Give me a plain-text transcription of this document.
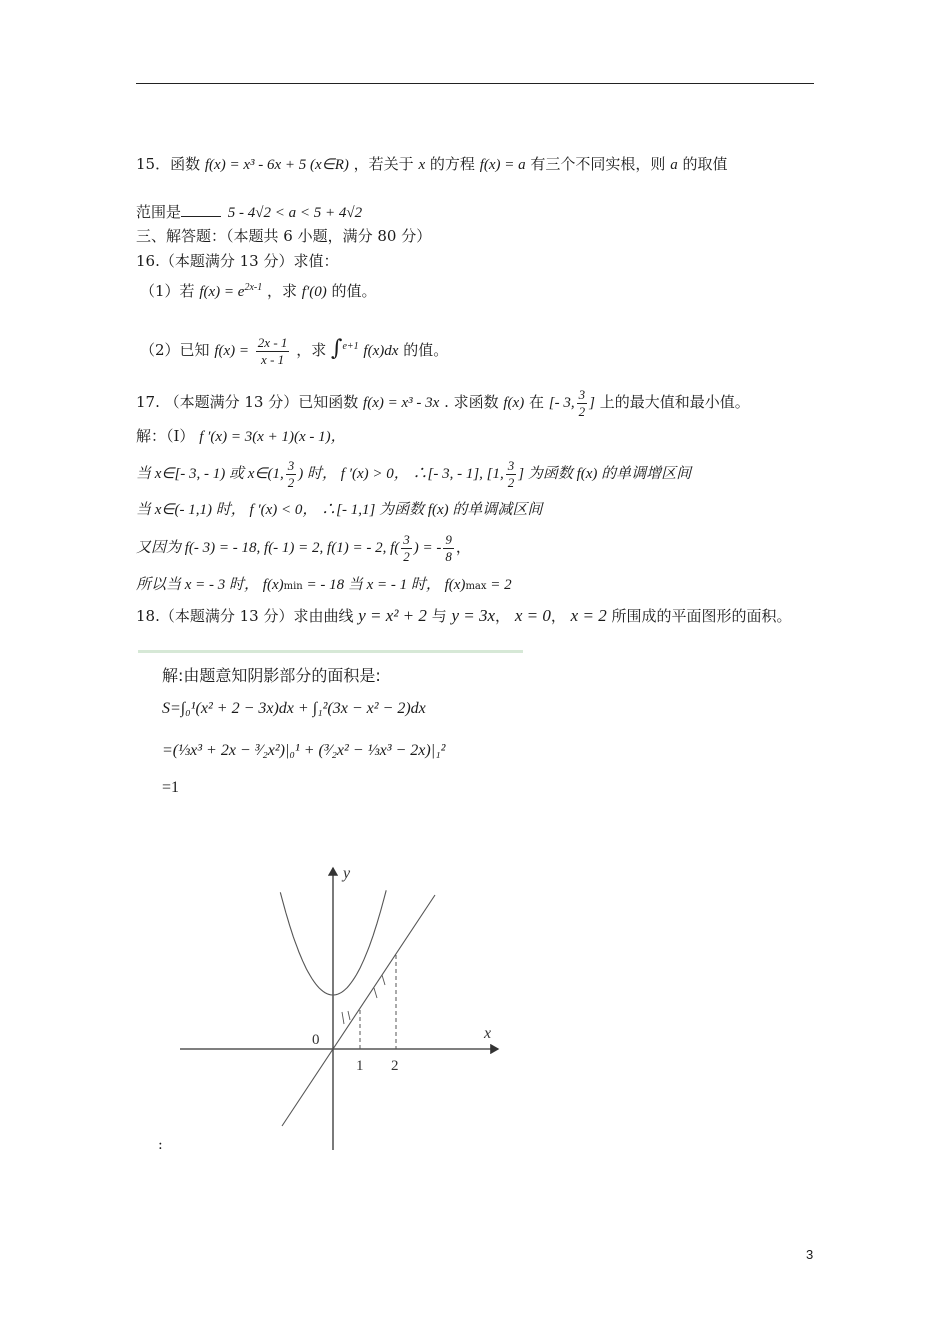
15．函数 f(x) = x³ - 6x + 5 (x∈R) ，若关于 x 的方程 f(x) = a 有三个不同实根，则 a 的取值
范围是	5 - 4√2 < a < 5 + 4√2
三、解答题：（本题共 6 小题，满分 80 分）
16.（本题满分 13 分）求值：
（1）若 $f(x) = e^{2x-1}$ ，求 f′(0) 的值。
（2）已知 $f(x) = \frac{2x - 1}{x - 1}$ ，求 ∫$^{e+1}$ f(x)dx 的值。
17. （本题满分 13 分）已知函数 f(x) = x³ - 3x . 求函数 f(x) 在 [- 3, $\frac{3}{2}$ ] 上的最大值和最小值。
解：（I） f ′(x) = 3(x + 1)(x - 1)，
当 x∈[- 3, - 1) 或 x∈(1, $\frac{3}{2}$ ) 时， f ′(x) > 0， ∴[- 3, - 1], [1, $\frac{3}{2}$ ] 为函数 f(x) 的单调增区间
当 x∈(- 1,1) 时， f ′(x) < 0， ∴[- 1,1] 为函数 f(x) 的单调减区间
又因为 f(- 3) = - 18, f(- 1) = 2, f(1) = - 2, $f( \frac{3}{2}$ ) = - $\frac{9}{8}$ ，
所以当 x = - 3 时， f(x)min = - 18 当 x = - 1 时， f(x)max = 2
18.（本题满分 13 分）求由曲线 y = x² + 2 与 y = 3x， x = 0， x = 2 所围成的平面图形的面积。
解:由题意知阴影部分的面积是:
S=∫₀¹(x² + 2 − 3x)dx + ∫₁²(3x − x² − 2)dx
=(⅓x³ + 2x − ³⁄₂x²)|₀¹ + (³⁄₂x² − ⅓x³ − 2x)|₁²
=1
y
x
0
1 2
:
3
